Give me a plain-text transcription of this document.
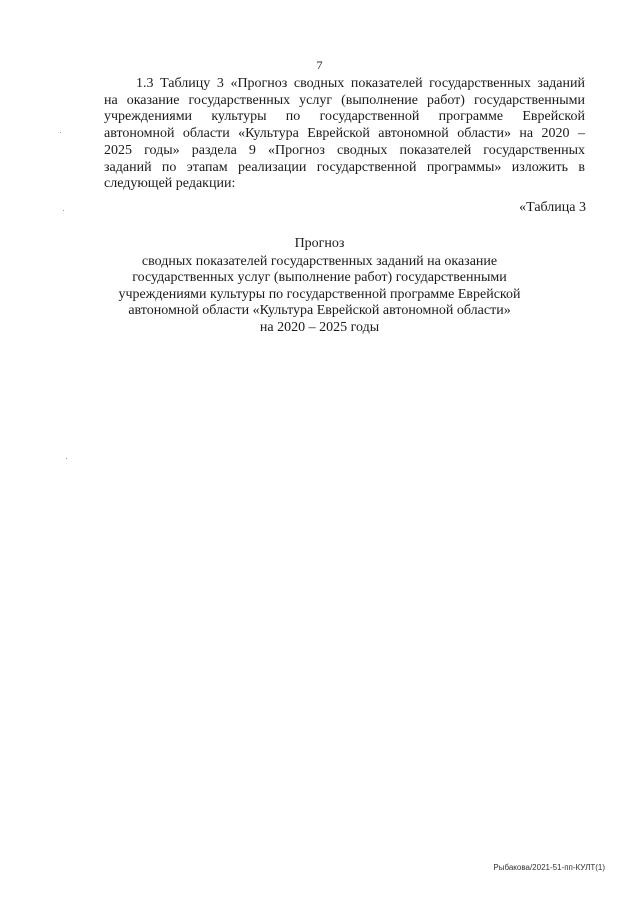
7
1.3 Таблицу 3 «Прогноз сводных показателей государственных заданий
на оказание государственных услуг (выполнение работ) государственными
учреждениями культуры по государственной программе Еврейской
автономной области «Культура Еврейской автономной области» на 2020 –
2025 годы» раздела 9 «Прогноз сводных показателей государственных
заданий по этапам реализации государственной программы» изложить в
следующей редакции:
«Таблица 3
Прогноз
сводных показателей государственных заданий на оказание
государственных услуг (выполнение работ) государственными
учреждениями культуры по государственной программе Еврейской
автономной области «Культура Еврейской автономной области»
на 2020 – 2025 годы
Рыбакова/2021-51-пп-КУЛТ(1)
